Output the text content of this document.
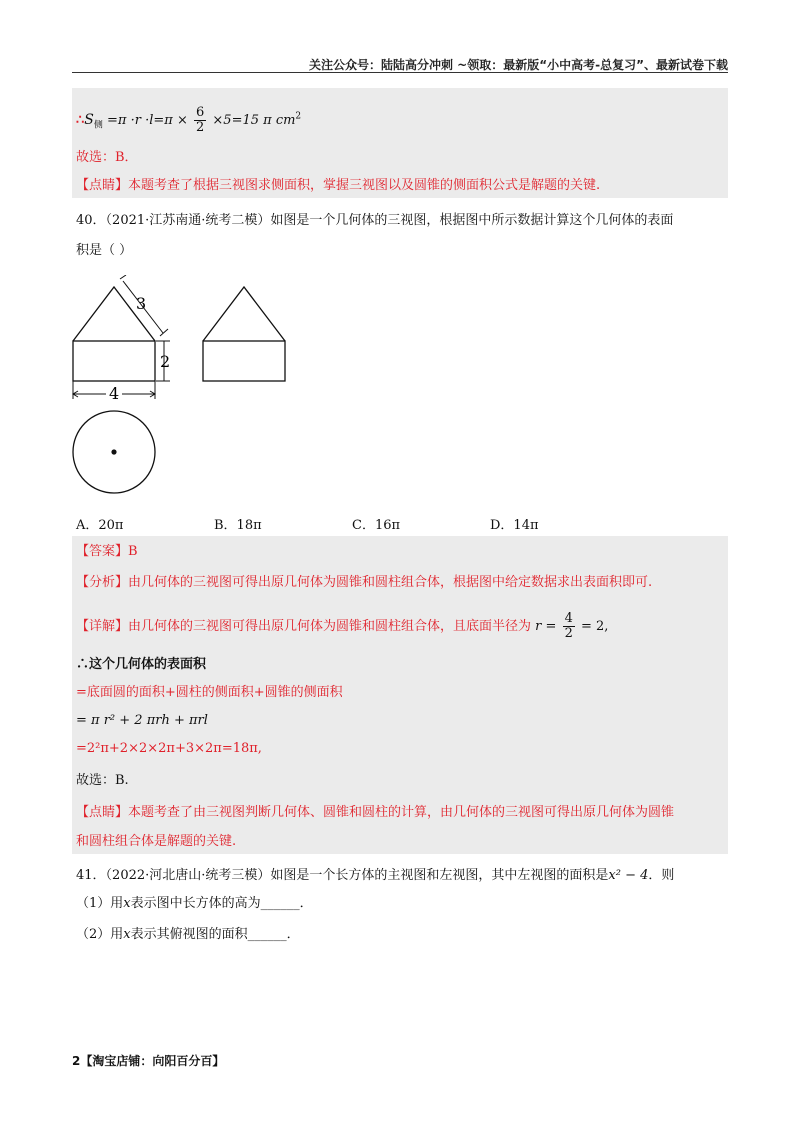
关注公众号：陆陆高分冲刺 ~领取：最新版“小中高考-总复习”、最新试卷下载
$\therefore S_侧 =\pi \cdot r \cdot l=\pi \times \frac{6}{2} \times 5=15$ π $cm^2$
故选：B．
【点睛】本题考查了根据三视图求侧面积，掌握三视图以及圆锥的侧面积公式是解题的关键.
40．（2021·江苏南通·统考二模）如图是一个几何体的三视图，根据图中所示数据计算这个几何体的表面
积是（ ）
3
2
4
A．20π	B．18π	C．16π	D．14π
【答案】B
【分析】由几何体的三视图可得出原几何体为圆锥和圆柱组合体，根据图中给定数据求出表面积即可.
【详解】由几何体的三视图可得出原几何体为圆锥和圆柱组合体，且底面半径为 $r = \frac{4}{2} = 2$,
∴这个几何体的表面积
=底面圆的面积+圆柱的侧面积+圆锥的侧面积
= π r² + 2 πrh + πrl
=2²π+2×2×2π+3×2π=18π,
故选：B.
【点睛】本题考查了由三视图判断几何体、圆锥和圆柱的计算，由几何体的三视图可得出原几何体为圆锥
和圆柱组合体是解题的关键.
41．（2022·河北唐山·统考三模）如图是一个长方体的主视图和左视图，其中左视图的面积是x² − 4．则
（1）用x表示图中长方体的高为______．
（2）用x表示其俯视图的面积______．
2【淘宝店铺：向阳百分百】
